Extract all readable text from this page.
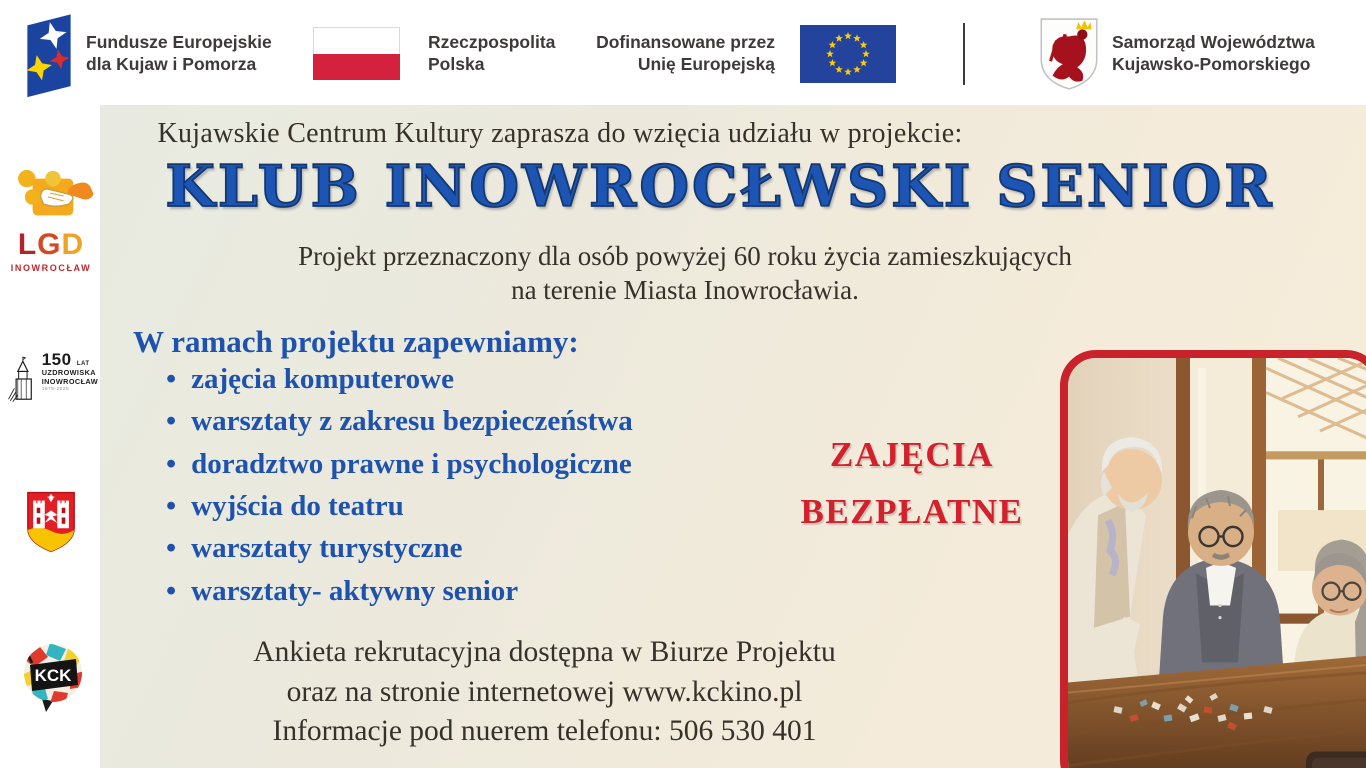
Fundusze Europejskie
dla Kujaw i Pomorza
Rzeczpospolita
Polska
Dofinansowane przez
Unię Europejską
Samorząd Województwa
Kujawsko-Pomorskiego
LGD
INOWROCŁAW
150 LAT
UZDROWISKA
INOWROCŁAW
1875-2025
KCK
Kujawskie Centrum Kultury zaprasza do wzięcia udziału w projekcie:
KLUB INOWROCŁWSKI SENIOR
Projekt przeznaczony dla osób powyżej 60 roku życia zamieszkujących
na terenie Miasta Inowrocławia.
W ramach projektu zapewniamy:
• zajęcia komputerowe
• warsztaty z zakresu bezpieczeństwa
• doradztwo prawne i psychologiczne
• wyjścia do teatru
• warsztaty turystyczne
• warsztaty- aktywny senior
ZAJĘCIA
BEZPŁATNE
Ankieta rekrutacyjna dostępna w Biurze Projektu
oraz na stronie internetowej www.kckino.pl
Informacje pod nuerem telefonu: 506 530 401
